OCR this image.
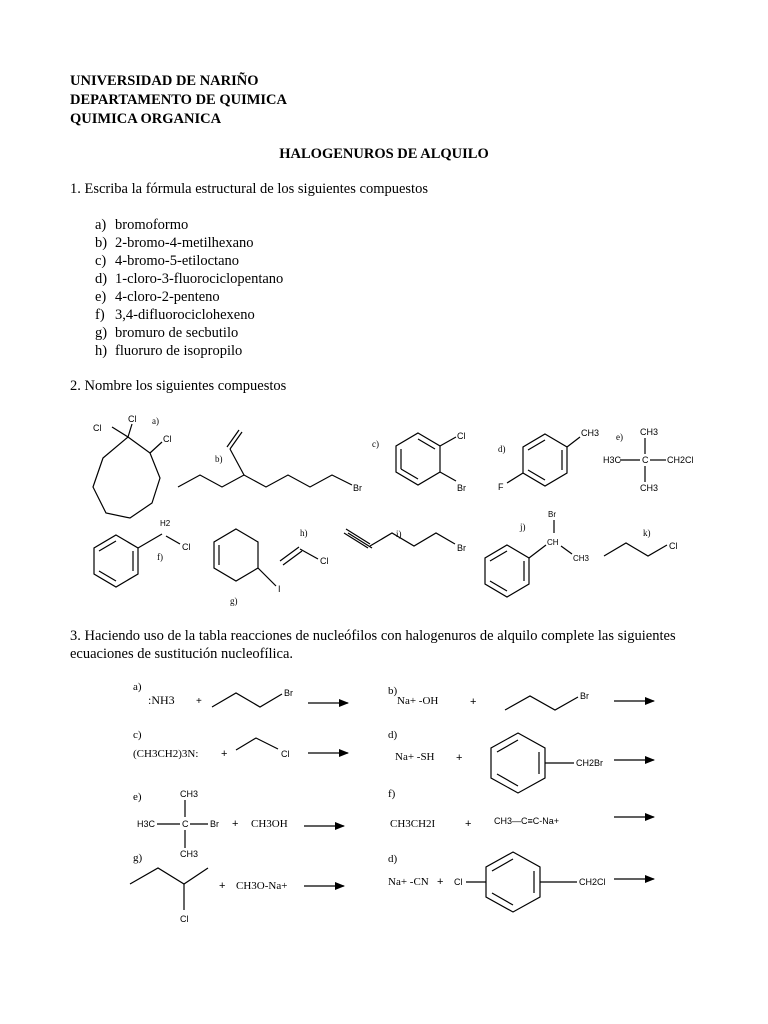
UNIVERSIDAD DE NARIÑO
DEPARTAMENTO DE QUIMICA
QUIMICA ORGANICA
HALOGENUROS DE ALQUILO
1. Escriba la fórmula estructural de los siguientes compuestos
a) bromoformo
b) 2-bromo-4-metilhexano
c) 4-bromo-5-etiloctano
d) 1-cloro-3-fluorociclopentano
e) 4-cloro-2-penteno
f) 3,4-difluorociclohexeno
g) bromuro de secbutilo
h) fluoruro de isopropilo
2. Nombre los siguientes compuestos
3. Haciendo uso de la tabla reacciones de nucleófilos con halogenuros de alquilo complete las siguientes
ecuaciones de sustitución nucleofílica.
Cl
Cl
Cl
a)
Br
b)
Cl
Br
c)
CH3
F
d)
CH3
H3C C CH2Cl
CH3
e)
H2
Cl
f)
I
g)
Cl
h)
Br
i)
Br
CH
CH3
j)
Cl
k)
a)
:NH3 +
Br	b)
Na+ -OH	+	Br
c)
(CH3CH2)3N: +	Cl
d)
Na+ -SH +	CH2Br
e)	CH3
H3C	C Br
CH3
+ CH3OH
f)
CH3CH2I	+	CH3—C≡C-Na+
g)
Cl
+ CH3O-Na+
d)
Na+ -CN + Cl	CH2Cl
